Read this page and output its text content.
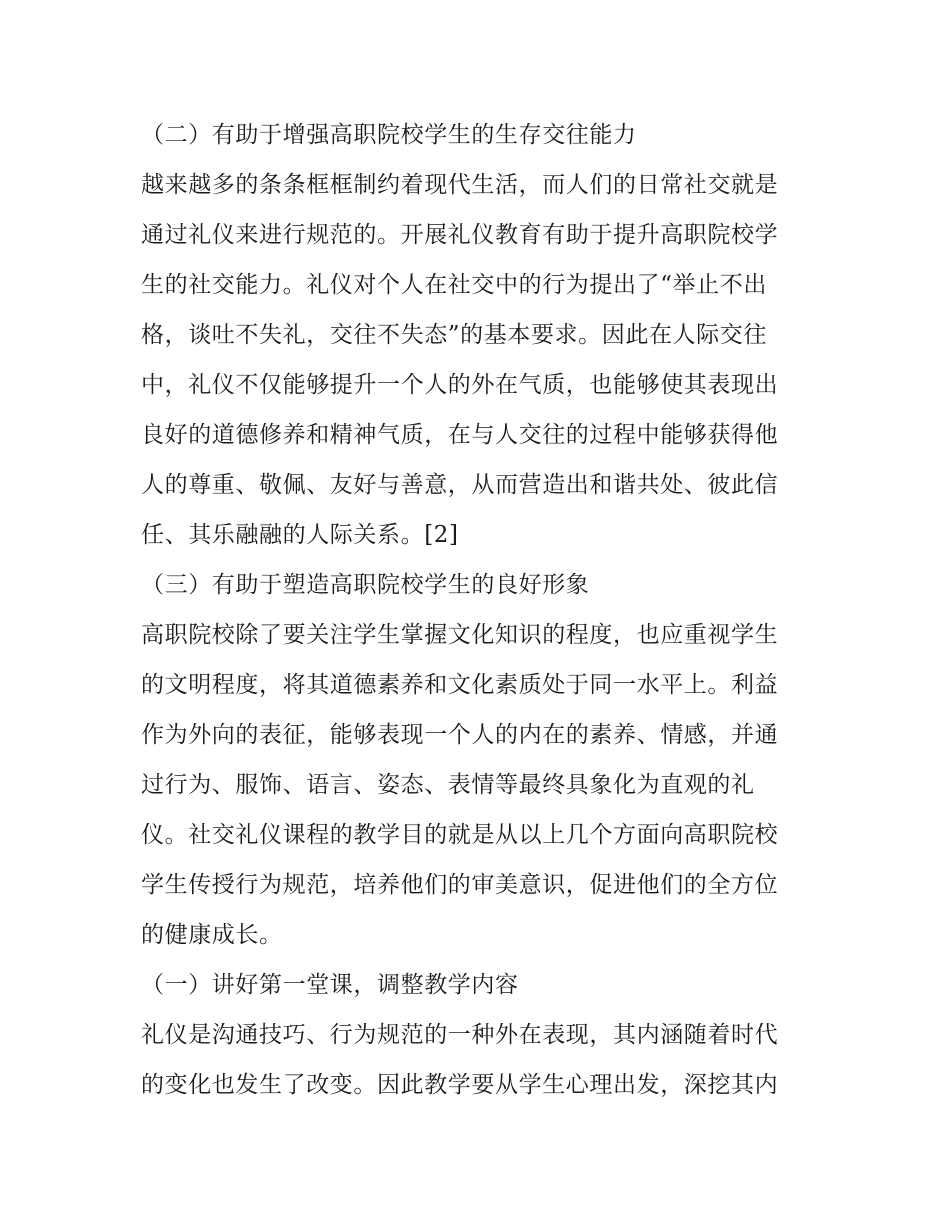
（二）有助于增强高职院校学生的生存交往能力
越来越多的条条框框制约着现代生活，而人们的日常社交就是
通过礼仪来进行规范的。开展礼仪教育有助于提升高职院校学
生的社交能力。礼仪对个人在社交中的行为提出了“举止不出
格，谈吐不失礼，交往不失态”的基本要求。因此在人际交往
中，礼仪不仅能够提升一个人的外在气质，也能够使其表现出
良好的道德修养和精神气质，在与人交往的过程中能够获得他
人的尊重、敬佩、友好与善意，从而营造出和谐共处、彼此信
任、其乐融融的人际关系。[2]
（三）有助于塑造高职院校学生的良好形象
高职院校除了要关注学生掌握文化知识的程度，也应重视学生
的文明程度，将其道德素养和文化素质处于同一水平上。利益
作为外向的表征，能够表现一个人的内在的素养、情感，并通
过行为、服饰、语言、姿态、表情等最终具象化为直观的礼
仪。社交礼仪课程的教学目的就是从以上几个方面向高职院校
学生传授行为规范，培养他们的审美意识，促进他们的全方位
的健康成长。
（一）讲好第一堂课，调整教学内容
礼仪是沟通技巧、行为规范的一种外在表现，其内涵随着时代
的变化也发生了改变。因此教学要从学生心理出发，深挖其内
